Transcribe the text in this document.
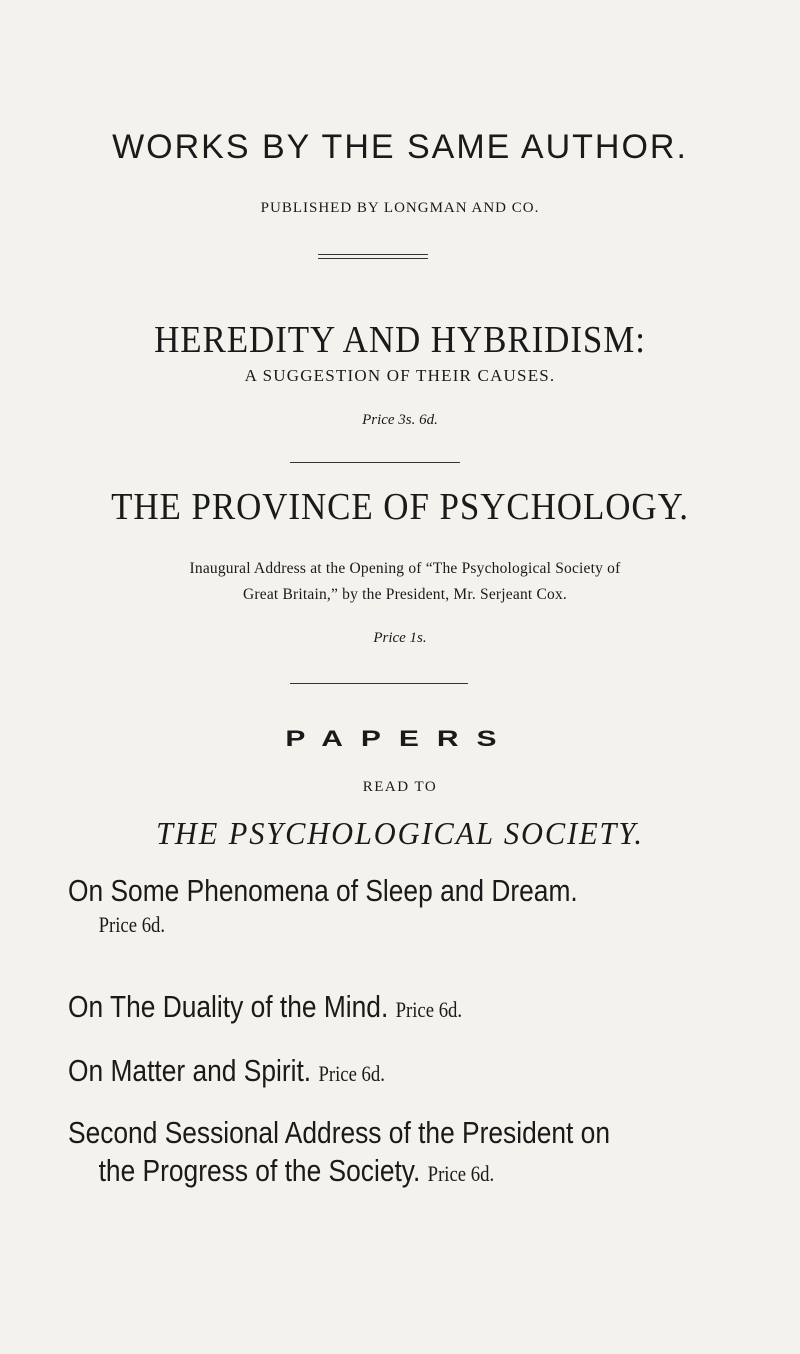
WORKS BY THE SAME AUTHOR.
PUBLISHED BY LONGMAN AND CO.
HEREDITY AND HYBRIDISM:
A SUGGESTION OF THEIR CAUSES.
Price 3s. 6d.
THE PROVINCE OF PSYCHOLOGY.
Inaugural Address at the Opening of “The Psychological Society of
Great Britain,” by the President, Mr. Serjeant Cox.
Price 1s.
PAPERS
READ TO
THE PSYCHOLOGICAL SOCIETY.
On Some Phenomena of Sleep and Dream.
Price 6d.
On The Duality of the Mind. Price 6d.
On Matter and Spirit. Price 6d.
Second Sessional Address of the President on
the Progress of the Society. Price 6d.
